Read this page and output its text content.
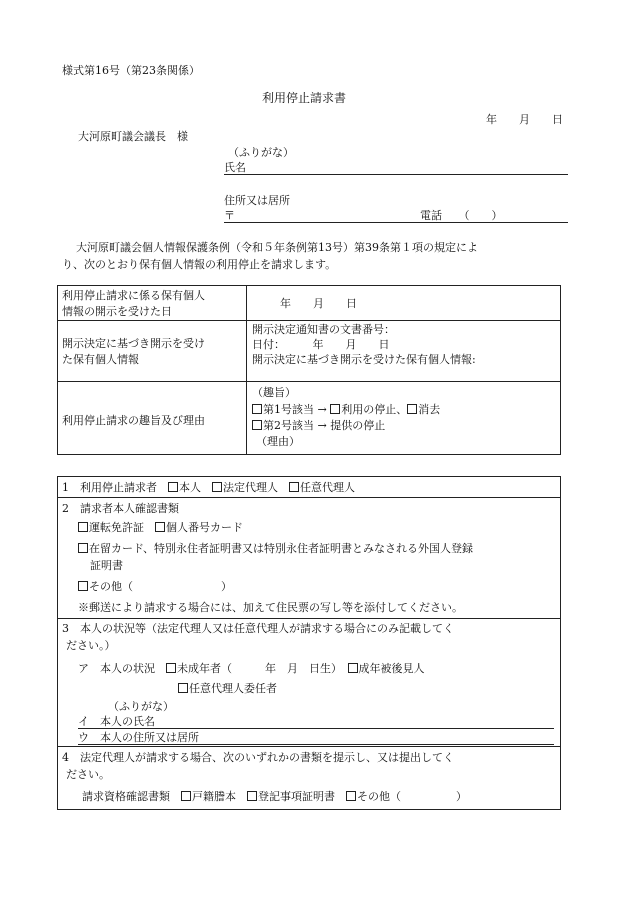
様式第16号（第23条関係）
利用停止請求書
年　　月　　日
大河原町議会議長　様
（ふりがな）
氏名
住所又は居所
〒	電話　　（　　）
大河原町議会個人情報保護条例（令和５年条例第13号）第39条第１項の規定によ
り、次のとおり保有個人情報の利用停止を請求します。
利用停止請求に係る保有個人
情報の開示を受けた日
年　　月　　日
開示決定に基づき開示を受け
た保有個人情報
開示決定通知書の文書番号：
日付：　　　年　　月　　日
開示決定に基づき開示を受けた保有個人情報:
利用停止請求の趣旨及び理由
（趣旨）
第1号該当 → 利用の停止、 消去
第2号該当 → 提供の停止
（理由）
1　利用停止請求者　 本人　 法定代理人　 任意代理人
2　請求者本人確認書類
運転免許証　 個人番号カード
在留カード、特別永住者証明書又は特別永住者証明書とみなされる外国人登録
証明書
その他（　　　　　　　　）
※郵送により請求する場合には、加えて住民票の写し等を添付してください。
3　本人の状況等（法定代理人又は任意代理人が請求する場合にのみ記載してく
ださい。）
ア　本人の状況　 未成年者（　　　年　月　日生）　 成年被後見人
任意代理人委任者
（ふりがな）
イ　本人の氏名
ウ　本人の住所又は居所
4　法定代理人が請求する場合、次のいずれかの書類を提示し、又は提出してく
ださい。
請求資格確認書類　 戸籍謄本　 登記事項証明書　 その他（　　　　　）
